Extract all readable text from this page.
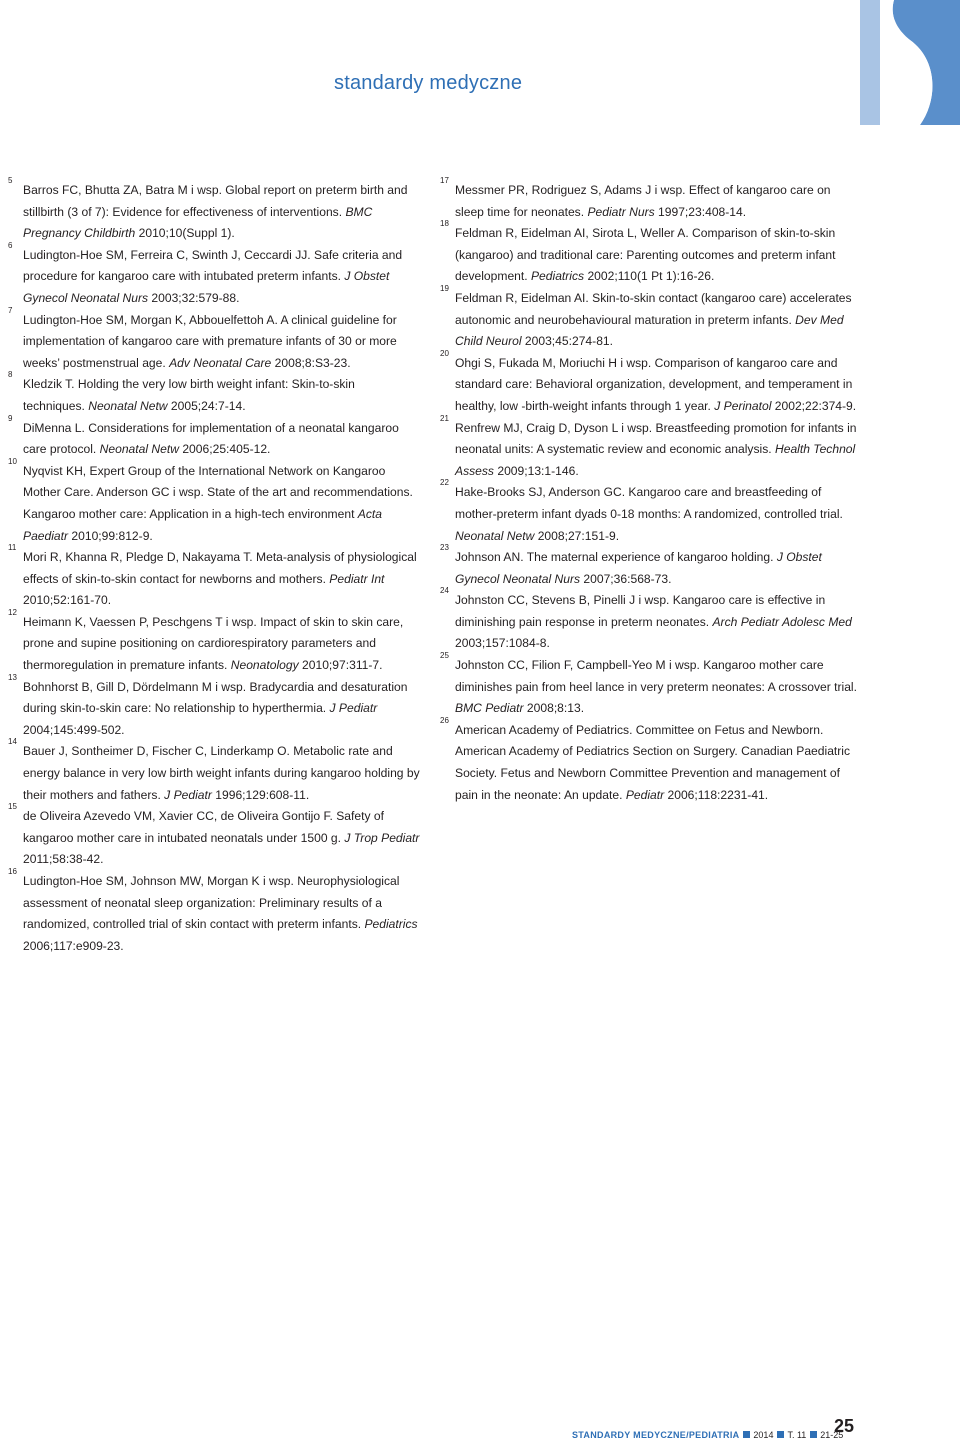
standardy medyczne

5
Barros FC, Bhutta ZA, Batra M i wsp. Global report on preterm birth and stillbirth (3 of 7): Evidence for effectiveness of interventions. BMC Pregnancy Childbirth 2010;10(Suppl 1).

6
Ludington-Hoe SM, Ferreira C, Swinth J, Ceccardi JJ. Safe criteria and procedure for kangaroo care with intubated preterm infants. J Obstet Gynecol Neonatal Nurs 2003;32:579-88.

7
Ludington-Hoe SM, Morgan K, Abbouelfettoh A. A clinical guideline for implementation of kangaroo care with premature infants of 30 or more weeks’ postmenstrual age. Adv Neonatal Care 2008;8:S3-23.

8
Kledzik T. Holding the very low birth weight infant: Skin-to-skin techniques. Neonatal Netw 2005;24:7-14.

9
DiMenna L. Considerations for implementation of a neonatal kangaroo care protocol. Neonatal Netw 2006;25:405-12.

10
Nyqvist KH, Expert Group of the International Network on Kangaroo Mother Care. Anderson GC i wsp. State of the art and recommendations. Kangaroo mother care: Application in a high-tech environment Acta Paediatr 2010;99:812-9.

11
Mori R, Khanna R, Pledge D, Nakayama T. Meta-analysis of physiological effects of skin-to-skin contact for newborns and mothers. Pediatr Int 2010;52:161-70.

12
Heimann K, Vaessen P, Peschgens T i wsp. Impact of skin to skin care, prone and supine positioning on cardiorespiratory parameters and thermoregulation in premature infants. Neonatology 2010;97:311-7.

13
Bohnhorst B, Gill D, Dördelmann M i wsp. Bradycardia and desaturation during skin-to-skin care: No relationship to hyperthermia. J Pediatr 2004;145:499-502.

14
Bauer J, Sontheimer D, Fischer C, Linderkamp O. Metabolic rate and energy balance in very low birth weight infants during kangaroo holding by their mothers and fathers. J Pediatr 1996;129:608-11.

15
de Oliveira Azevedo VM, Xavier CC, de Oliveira Gontijo F. Safety of kangaroo mother care in intubated neonatals under 1500 g. J Trop Pediatr 2011;58:38-42.

16
Ludington-Hoe SM, Johnson MW, Morgan K i wsp. Neurophysiological assessment of neonatal sleep organization: Preliminary results of a randomized, controlled trial of skin contact with preterm infants. Pediatrics 2006;117:e909-23.

17
Messmer PR, Rodriguez S, Adams J i wsp. Effect of kangaroo care on sleep time for neonates. Pediatr Nurs 1997;23:408-14.

18
Feldman R, Eidelman AI, Sirota L, Weller A. Comparison of skin-to-skin (kangaroo) and traditional care: Parenting outcomes and preterm infant development. Pediatrics 2002;110(1 Pt 1):16-26.

19
Feldman R, Eidelman AI. Skin-to-skin contact (kangaroo care) accelerates autonomic and neurobehavioural maturation in preterm infants. Dev Med Child Neurol 2003;45:274-81.

20
Ohgi S, Fukada M, Moriuchi H i wsp. Comparison of kangaroo care and standard care: Behavioral organization, development, and temperament in healthy, low -birth-weight infants through 1 year. J Perinatol 2002;22:374-9.

21
Renfrew MJ, Craig D, Dyson L i wsp. Breastfeeding promotion for infants in neonatal units: A systematic review and economic analysis. Health Technol Assess 2009;13:1-146.

22
Hake-Brooks SJ, Anderson GC. Kangaroo care and breastfeeding of mother-preterm infant dyads 0-18 months: A randomized, controlled trial. Neonatal Netw 2008;27:151-9.

23
Johnson AN. The maternal experience of kangaroo holding. J Obstet Gynecol Neonatal Nurs 2007;36:568-73.

24
Johnston CC, Stevens B, Pinelli J i wsp. Kangaroo care is effective in diminishing pain response in preterm neonates. Arch Pediatr Adolesc Med 2003;157:1084-8.

25
Johnston CC, Filion F, Campbell-Yeo M i wsp. Kangaroo mother care diminishes pain from heel lance in very preterm neonates: A crossover trial. BMC Pediatr 2008;8:13.

26
American Academy of Pediatrics. Committee on Fetus and Newborn. American Academy of Pediatrics Section on Surgery. Canadian Paediatric Society. Fetus and Newborn Committee Prevention and management of pain in the neonate: An update. Pediatr 2006;118:2231-41.

STANDARDY MEDYCZNE/PEDIATRIA 2014 T. 11 21-25
25
